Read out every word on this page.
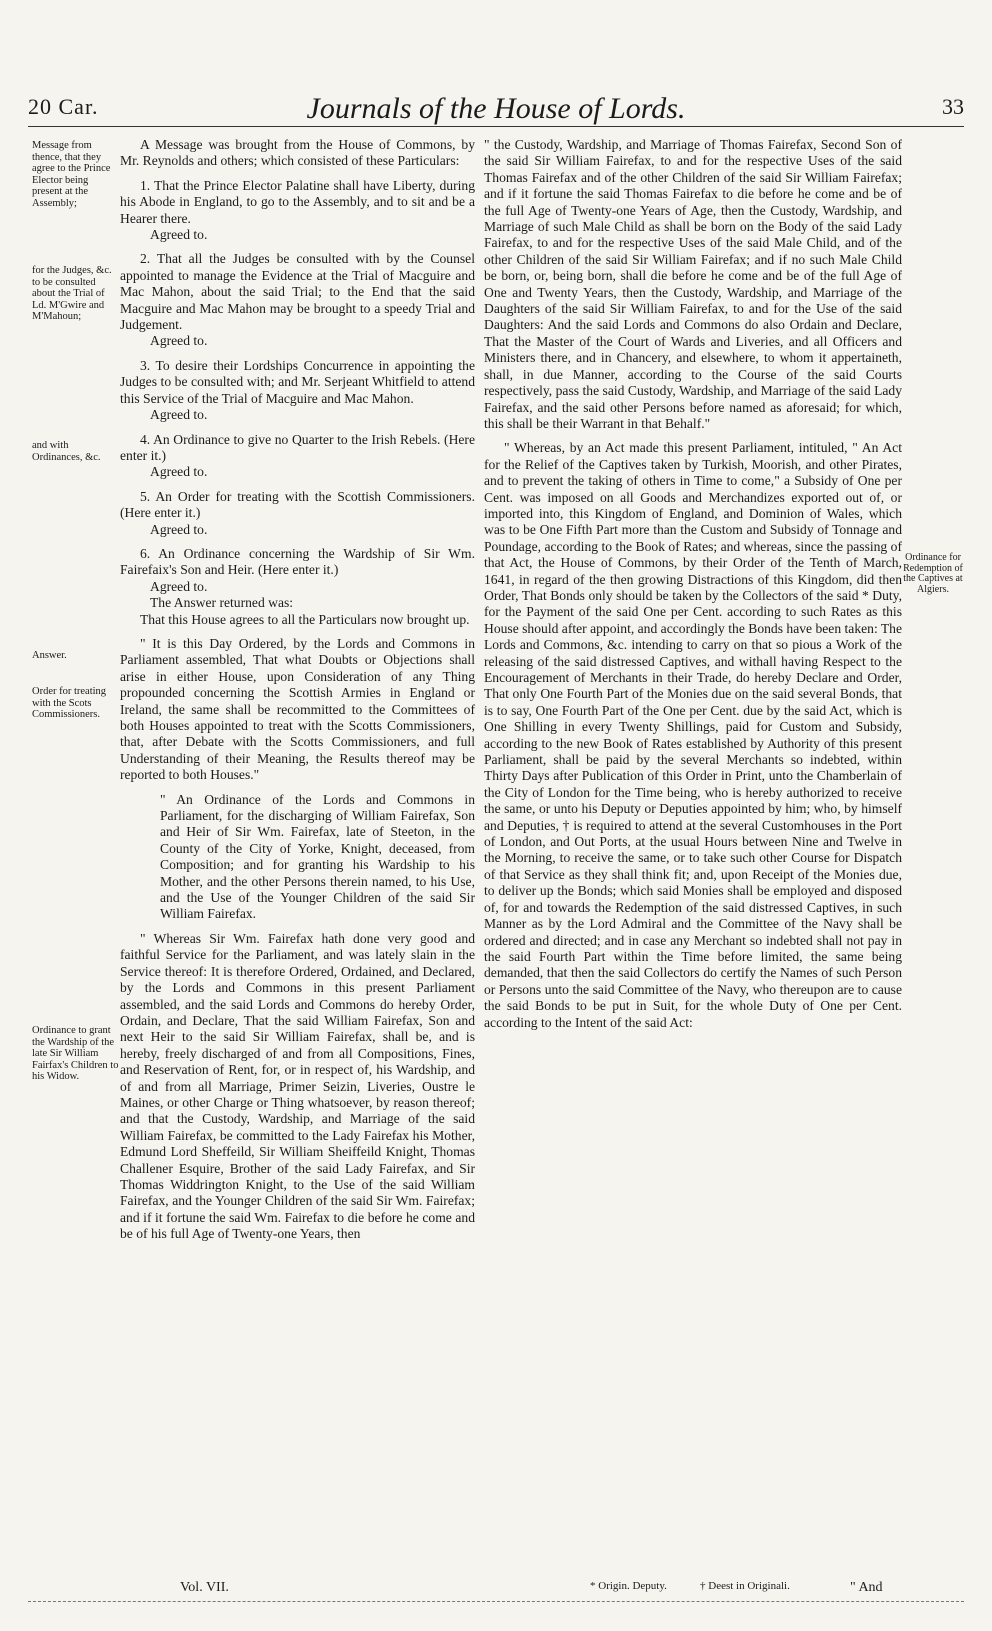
20 Car.	Journals of the House of Lords.	33
Message from thence, that they agree to the Prince Elector being present at the Assembly;
for the Judges, &c. to be consulted about the Trial of Ld. M'Gwire and M'Mahoun;
and with Ordinances, &c.
Answer.
Order for treating with the Scots Commissioners.
Ordinance to grant the Wardship of the late Sir William Fairfax's Children to his Widow.
Ordinance for Redemption of the Captives at Algiers.

A Message was brought from the House of Commons, by Mr. Reynolds and others; which consisted of these Particulars:

1. That the Prince Elector Palatine shall have Liberty, during his Abode in England, to go to the Assembly, and to sit and be a Hearer there.

Agreed to.

2. That all the Judges be consulted with by the Counsel appointed to manage the Evidence at the Trial of Macguire and Mac Mahon, about the said Trial; to the End that the said Macguire and Mac Mahon may be brought to a speedy Trial and Judgement.

Agreed to.

3. To desire their Lordships Concurrence in appointing the Judges to be consulted with; and Mr. Serjeant Whitfield to attend this Service of the Trial of Macguire and Mac Mahon.

Agreed to.

4. An Ordinance to give no Quarter to the Irish Rebels. (Here enter it.)

Agreed to.

5. An Order for treating with the Scottish Commissioners. (Here enter it.)

Agreed to.

6. An Ordinance concerning the Wardship of Sir Wm. Fairefaix's Son and Heir. (Here enter it.)

Agreed to.

The Answer returned was:

That this House agrees to all the Particulars now brought up.

" It is this Day Ordered, by the Lords and Commons in Parliament assembled, That what Doubts or Objections shall arise in either House, upon Consideration of any Thing propounded concerning the Scottish Armies in England or Ireland, the same shall be recommitted to the Committees of both Houses appointed to treat with the Scotts Commissioners, that, after Debate with the Scotts Commissioners, and full Understanding of their Meaning, the Results thereof may be reported to both Houses."

" An Ordinance of the Lords and Commons in Parliament, for the discharging of William Fairefax, Son and Heir of Sir Wm. Fairefax, late of Steeton, in the County of the City of Yorke, Knight, deceased, from Composition; and for granting his Wardship to his Mother, and the other Persons therein named, to his Use, and the Use of the Younger Children of the said Sir William Fairefax.

" Whereas Sir Wm. Fairefax hath done very good and faithful Service for the Parliament, and was lately slain in the Service thereof: It is therefore Ordered, Ordained, and Declared, by the Lords and Commons in this present Parliament assembled, and the said Lords and Commons do hereby Order, Ordain, and Declare, That the said William Fairefax, Son and next Heir to the said Sir William Fairefax, shall be, and is hereby, freely discharged of and from all Compositions, Fines, and Reservation of Rent, for, or in respect of, his Wardship, and of and from all Marriage, Primer Seizin, Liveries, Oustre le Maines, or other Charge or Thing whatsoever, by reason thereof; and that the Custody, Wardship, and Marriage of the said William Fairefax, be committed to the Lady Fairefax his Mother, Edmund Lord Sheffeild, Sir William Sheiffeild Knight, Thomas Challener Esquire, Brother of the said Lady Fairefax, and Sir Thomas Widdrington Knight, to the Use of the said William Fairefax, and the Younger Children of the said Sir Wm. Fairefax; and if it fortune the said Wm. Fairefax to die before he come and be of his full Age of Twenty-one Years, then

" the Custody, Wardship, and Marriage of Thomas Fairefax, Second Son of the said Sir William Fairefax, to and for the respective Uses of the said Thomas Fairefax and of the other Children of the said Sir William Fairefax; and if it fortune the said Thomas Fairefax to die before he come and be of the full Age of Twenty-one Years of Age, then the Custody, Wardship, and Marriage of such Male Child as shall be born on the Body of the said Lady Fairefax, to and for the respective Uses of the said Male Child, and of the other Children of the said Sir William Fairefax; and if no such Male Child be born, or, being born, shall die before he come and be of the full Age of One and Twenty Years, then the Custody, Wardship, and Marriage of the Daughters of the said Sir William Fairefax, to and for the Use of the said Daughters: And the said Lords and Commons do also Ordain and Declare, That the Master of the Court of Wards and Liveries, and all Officers and Ministers there, and in Chancery, and elsewhere, to whom it appertaineth, shall, in due Manner, according to the Course of the said Courts respectively, pass the said Custody, Wardship, and Marriage of the said Lady Fairefax, and the said other Persons before named as aforesaid; for which, this shall be their Warrant in that Behalf."

" Whereas, by an Act made this present Parliament, intituled, " An Act for the Relief of the Captives taken by Turkish, Moorish, and other Pirates, and to prevent the taking of others in Time to come," a Subsidy of One per Cent. was imposed on all Goods and Merchandizes exported out of, or imported into, this Kingdom of England, and Dominion of Wales, which was to be One Fifth Part more than the Custom and Subsidy of Tonnage and Poundage, according to the Book of Rates; and whereas, since the passing of that Act, the House of Commons, by their Order of the Tenth of March, 1641, in regard of the then growing Distractions of this Kingdom, did then Order, That Bonds only should be taken by the Collectors of the said * Duty, for the Payment of the said One per Cent. according to such Rates as this House should after appoint, and accordingly the Bonds have been taken: The Lords and Commons, &c. intending to carry on that so pious a Work of the releasing of the said distressed Captives, and withall having Respect to the Encouragement of Merchants in their Trade, do hereby Declare and Order, That only One Fourth Part of the Monies due on the said several Bonds, that is to say, One Fourth Part of the One per Cent. due by the said Act, which is One Shilling in every Twenty Shillings, paid for Custom and Subsidy, according to the new Book of Rates established by Authority of this present Parliament, shall be paid by the several Merchants so indebted, within Thirty Days after Publication of this Order in Print, unto the Chamberlain of the City of London for the Time being, who is hereby authorized to receive the same, or unto his Deputy or Deputies appointed by him; who, by himself and Deputies, † is required to attend at the several Customhouses in the Port of London, and Out Ports, at the usual Hours between Nine and Twelve in the Morning, to receive the same, or to take such other Course for Dispatch of that Service as they shall think fit; and, upon Receipt of the Monies due, to deliver up the Bonds; which said Monies shall be employed and disposed of, for and towards the Redemption of the said distressed Captives, in such Manner as by the Lord Admiral and the Committee of the Navy shall be ordered and directed; and in case any Merchant so indebted shall not pay in the said Fourth Part within the Time before limited, the same being demanded, that then the said Collectors do certify the Names of such Person or Persons unto the said Committee of the Navy, who thereupon are to cause the said Bonds to be put in Suit, for the whole Duty of One per Cent. according to the Intent of the said Act:

Vol. VII.	* Origin. Deputy.	† Deest in Originali.	" And
